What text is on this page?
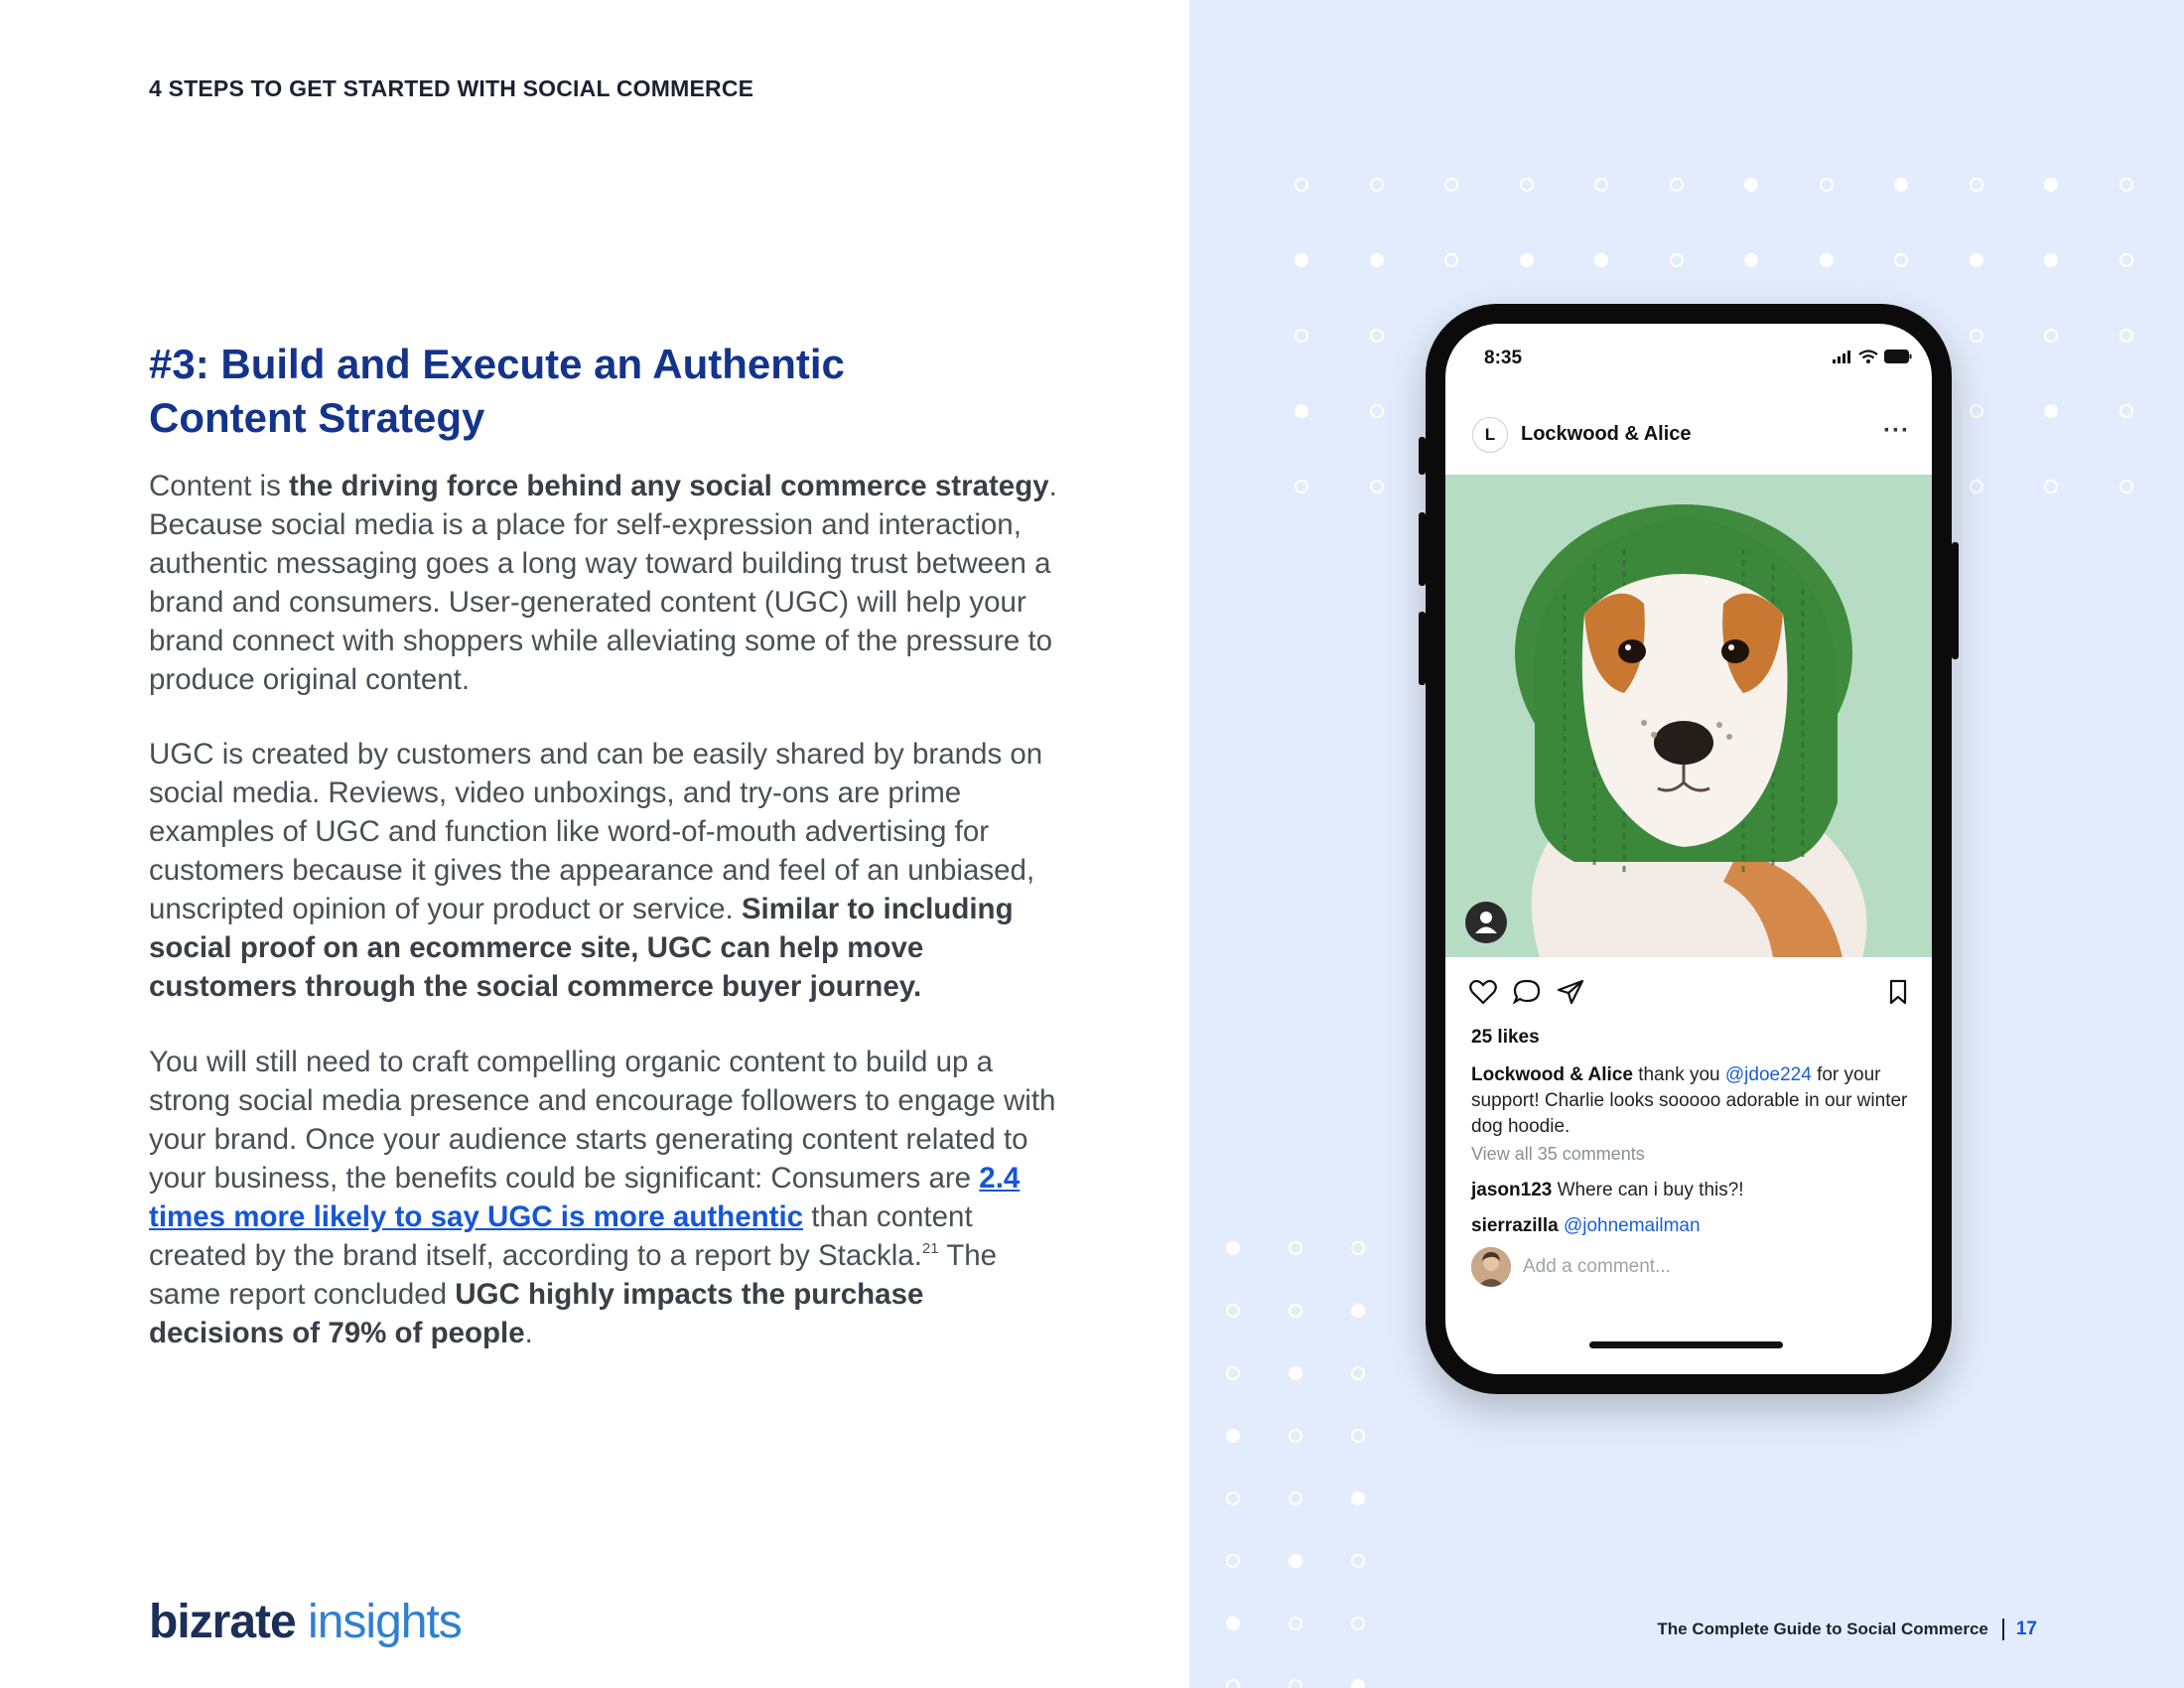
4 STEPS TO GET STARTED WITH SOCIAL COMMERCE

#3: Build and Execute an Authentic
Content Strategy

Content is the driving force behind any social commerce strategy. Because social media is a place for self-expression and interaction, authentic messaging goes a long way toward building trust between a brand and consumers. User-generated content (UGC) will help your brand connect with shoppers while alleviating some of the pressure to produce original content.

UGC is created by customers and can be easily shared by brands on social media. Reviews, video unboxings, and try-ons are prime examples of UGC and function like word-of-mouth advertising for customers because it gives the appearance and feel of an unbiased, unscripted opinion of your product or service. Similar to including social proof on an ecommerce site, UGC can help move customers through the social commerce buyer journey.

You will still need to craft compelling organic content to build up a strong social media presence and encourage followers to engage with your brand. Once your audience starts generating content related to your business, the benefits could be significant: Consumers are 2.4 times more likely to say UGC is more authentic than content created by the brand itself, according to a report by Stackla.$^{21}$ The same report concluded UGC highly impacts the purchase decisions of 79% of people.

bizrate insights
8:35
L	Lockwood & Alice	···
25 likes
Lockwood & Alice thank you @jdoe224 for your support! Charlie looks sooooo adorable in our winter dog hoodie.
View all 35 comments
jason123 Where can i buy this?!
sierrazilla @johnemailman
Add a comment...
The Complete Guide to Social Commerce 17
